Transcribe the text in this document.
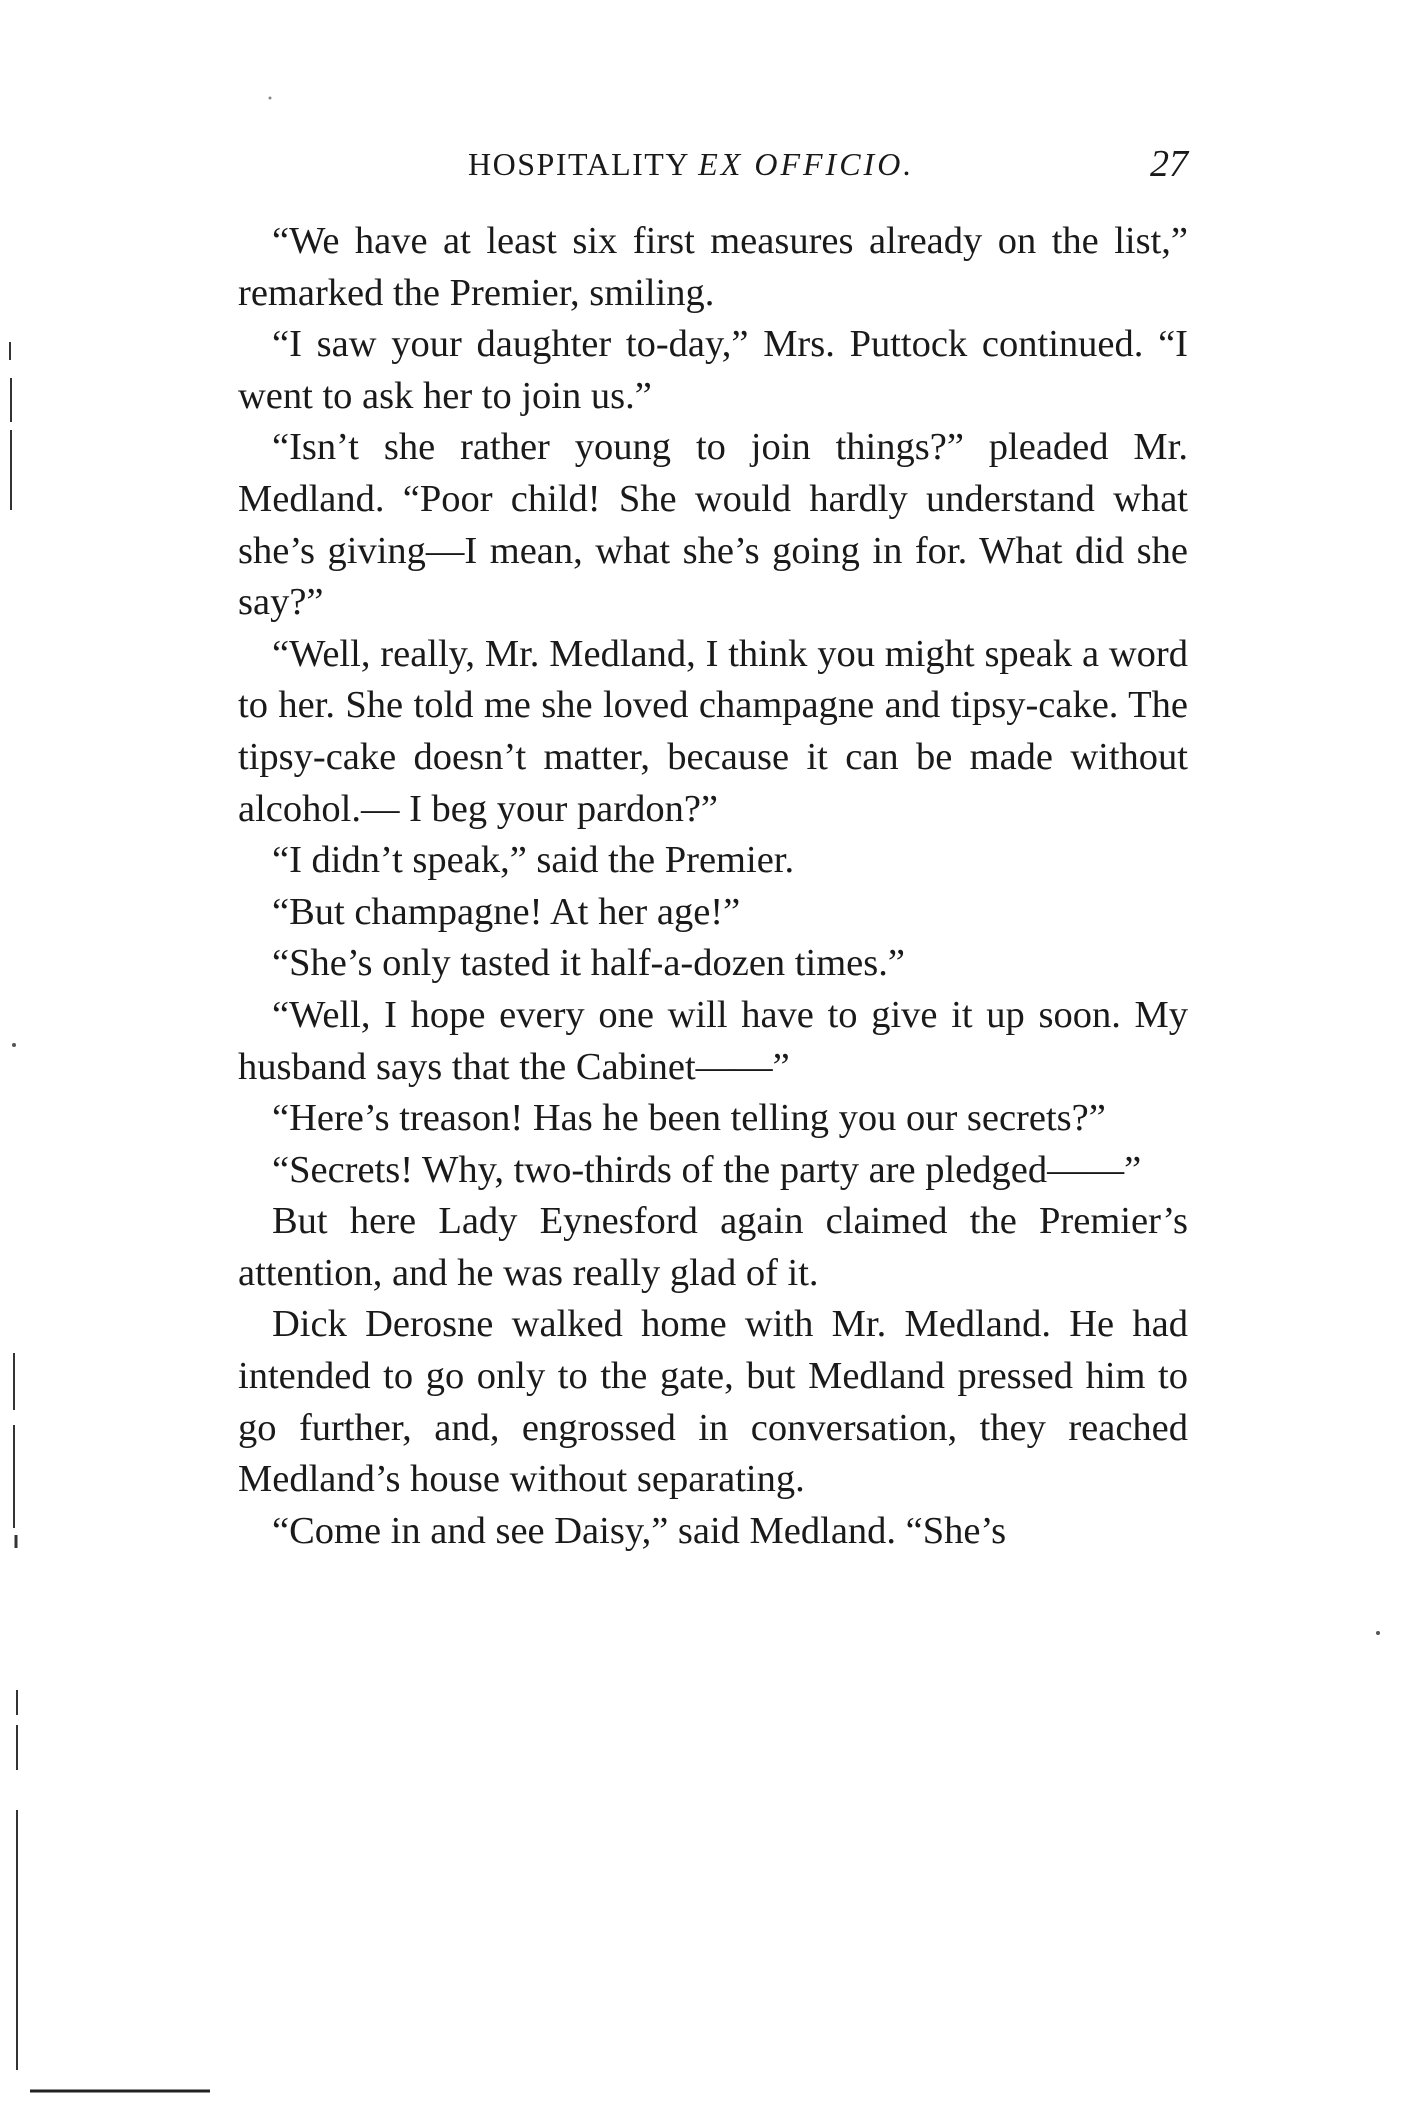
HOSPITALITY EX OFFICIO.	27

“We have at least six first measures already on the list,” remarked the Premier, smiling.

“I saw your daughter to-day,” Mrs. Puttock continued. “I went to ask her to join us.”

“Isn’t she rather young to join things?” pleaded Mr. Medland. “Poor child! She would hardly understand what she’s giving—I mean, what she’s going in for. What did she say?”

“Well, really, Mr. Medland, I think you might speak a word to her. She told me she loved champagne and tipsy-cake. The tipsy-cake doesn’t matter, because it can be made without alcohol.— I beg your pardon?”

“I didn’t speak,” said the Premier.

“But champagne! At her age!”

“She’s only tasted it half-a-dozen times.”

“Well, I hope every one will have to give it up soon. My husband says that the Cabinet——”

“Here’s treason! Has he been telling you our secrets?”

“Secrets! Why, two-thirds of the party are pledged——”

But here Lady Eynesford again claimed the Premier’s attention, and he was really glad of it.

Dick Derosne walked home with Mr. Medland. He had intended to go only to the gate, but Medland pressed him to go further, and, engrossed in conversation, they reached Medland’s house without separating.

“Come in and see Daisy,” said Medland. “She’s
